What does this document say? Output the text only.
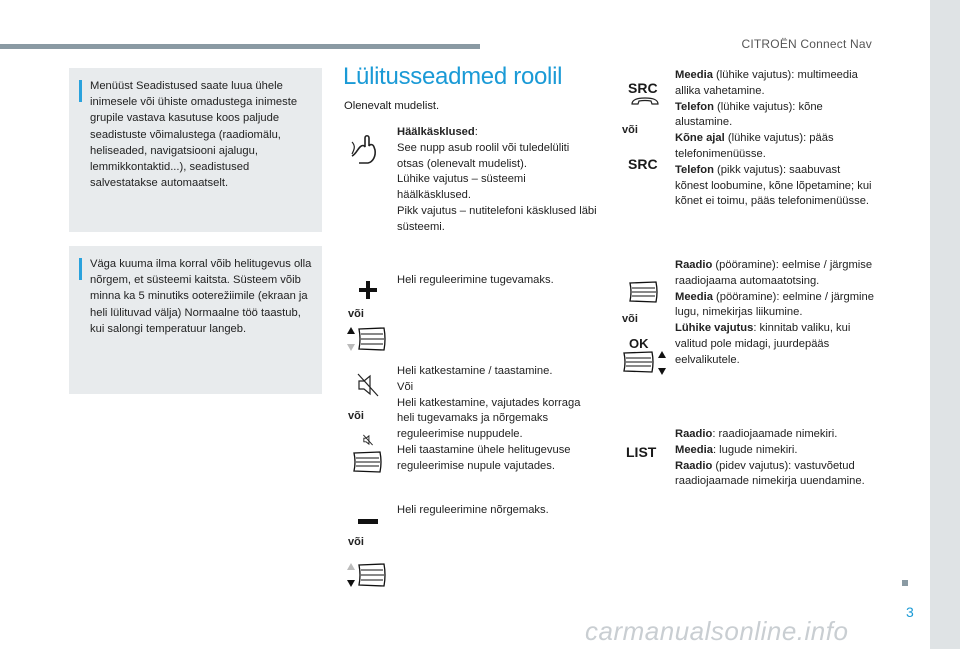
CITROËN Connect Nav
Menüüst Seadistused saate luua ühele inimesele või ühiste omadustega inimeste grupile vastava kasutuse koos paljude seadistuste võimalustega (raadiomälu, heliseaded, navigatsiooni ajalugu, lemmikkontaktid...), seadistused salvestatakse automaatselt.
Väga kuuma ilma korral võib helitugevus olla nõrgem, et süsteemi kaitsta. Süsteem võib minna ka 5 minutiks ooterežiimile (ekraan ja heli lülituvad välja) Normaalne töö taastub, kui salongi temperatuur langeb.
Lülitusseadmed roolil
Olenevalt mudelist.
või
või
või
Häälkäsklused:
See nupp asub roolil või tuledelüliti otsas (olenevalt mudelist).
Lühike vajutus – süsteemi häälkäsklused.
Pikk vajutus – nutitelefoni käsklused läbi süsteemi.
Heli reguleerimine tugevamaks.
Heli katkestamine / taastamine.
Või
Heli katkestamine, vajutades korraga heli tugevamaks ja nõrgemaks reguleerimise nuppudele.
Heli taastamine ühele helitugevuse reguleerimise nupule vajutades.
Heli reguleerimine nõrgemaks.
SRC
või
SRC
või
OK
LIST
Meedia (lühike vajutus): multimeedia allika vahetamine.
Telefon (lühike vajutus): kõne alustamine.
Kõne ajal (lühike vajutus): pääs telefonimenüüsse.
Telefon (pikk vajutus): saabuvast kõnest loobumine, kõne lõpetamine; kui kõnet ei toimu, pääs telefonimenüüsse.
Raadio (pööramine): eelmise / järgmise raadiojaama automaatotsing.
Meedia (pööramine): eelmine / järgmine lugu, nimekirjas liikumine.
Lühike vajutus: kinnitab valiku, kui valitud pole midagi, juurdepääs eelvalikutele.
Raadio: raadiojaamade nimekiri.
Meedia: lugude nimekiri.
Raadio (pidev vajutus): vastuvõetud raadiojaamade nimekirja uuendamine.
3
carmanualsonline.info
